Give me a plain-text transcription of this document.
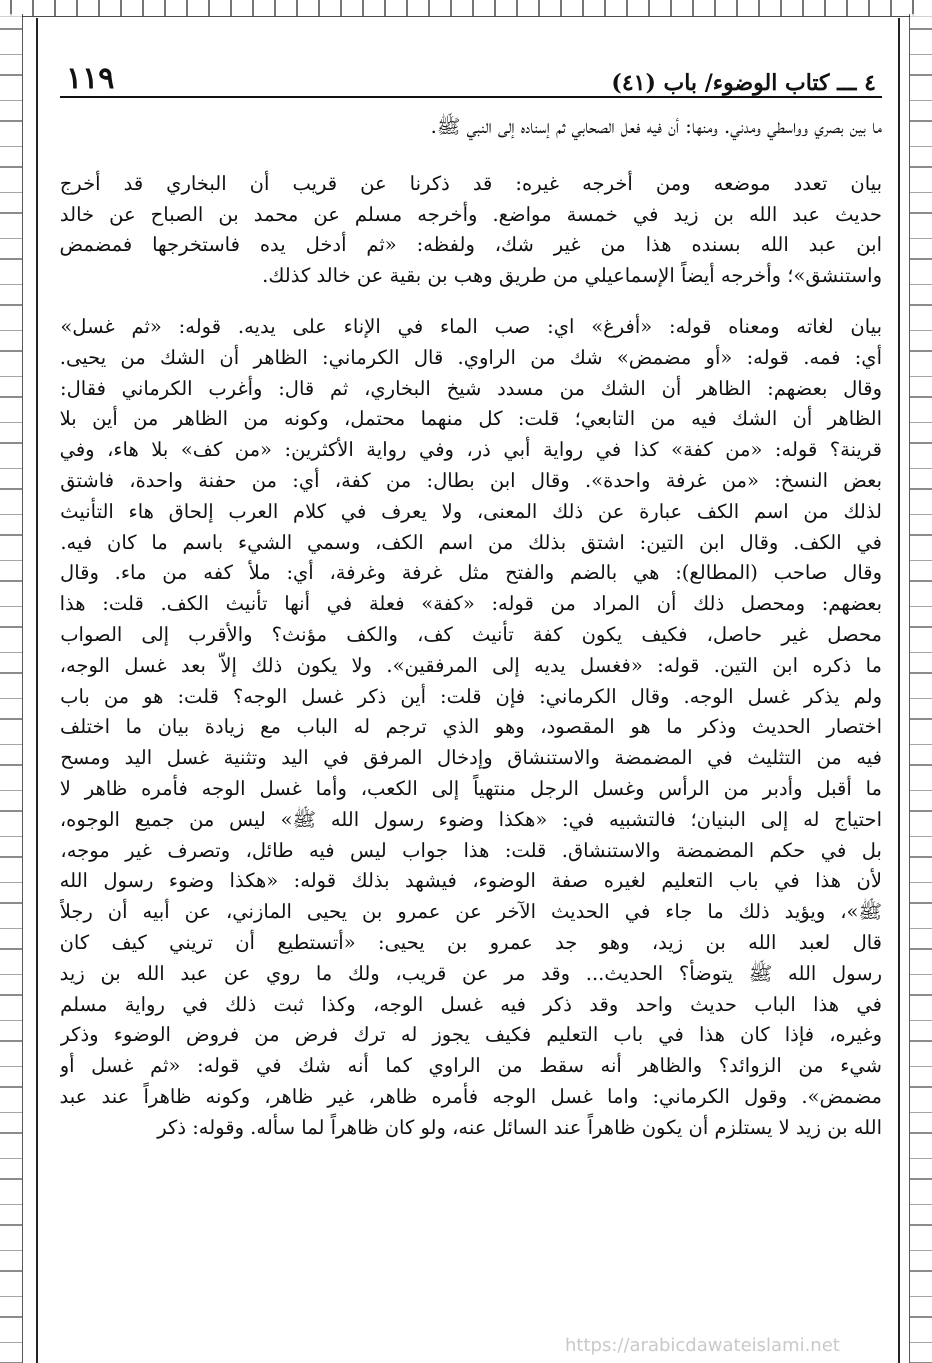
٤ ـــ كتاب الوضوء/ باب (٤١)
١١٩
ما بين بصري وواسطي ومدني. ومنها: أن فيه فعل الصحابي ثم إسناده إلى النبي ﷺ.
بيان تعدد موضعه ومن أخرجه غيره: قد ذكرنا عن قريب أن البخاري قد أخرج
حديث عبد الله بن زيد في خمسة مواضع. وأخرجه مسلم عن محمد بن الصباح عن خالد
ابن عبد الله بسنده هذا من غير شك، ولفظه: «ثم أدخل يده فاستخرجها فمضمض
واستنشق»؛ وأخرجه أيضاً الإسماعيلي من طريق وهب بن بقية عن خالد كذلك.
بيان لغاته ومعناه قوله: «أفرغ» اي: صب الماء في الإناء على يديه. قوله: «ثم غسل»
أي: فمه. قوله: «أو مضمض» شك من الراوي. قال الكرماني: الظاهر أن الشك من يحيى.
وقال بعضهم: الظاهر أن الشك من مسدد شيخ البخاري، ثم قال: وأغرب الكرماني فقال:
الظاهر أن الشك فيه من التابعي؛ قلت: كل منهما محتمل، وكونه من الظاهر من أين بلا
قرينة؟ قوله: «من كفة» كذا في رواية أبي ذر، وفي رواية الأكثرين: «من كف» بلا هاء، وفي
بعض النسخ: «من غرفة واحدة». وقال ابن بطال: من كفة، أي: من حفنة واحدة، فاشتق
لذلك من اسم الكف عبارة عن ذلك المعنى، ولا يعرف في كلام العرب إلحاق هاء التأنيث
في الكف. وقال ابن التين: اشتق بذلك من اسم الكف، وسمي الشيء باسم ما كان فيه.
وقال صاحب (المطالع): هي بالضم والفتح مثل غرفة وغرفة، أي: ملأ كفه من ماء. وقال
بعضهم: ومحصل ذلك أن المراد من قوله: «كفة» فعلة في أنها تأنيث الكف. قلت: هذا
محصل غير حاصل، فكيف يكون كفة تأنيث كف، والكف مؤنث؟ والأقرب إلى الصواب
ما ذكره ابن التين. قوله: «فغسل يديه إلى المرفقين». ولا يكون ذلك إلاّ بعد غسل الوجه،
ولم يذكر غسل الوجه. وقال الكرماني: فإن قلت: أين ذكر غسل الوجه؟ قلت: هو من باب
اختصار الحديث وذكر ما هو المقصود، وهو الذي ترجم له الباب مع زيادة بيان ما اختلف
فيه من التثليث في المضمضة والاستنشاق وإدخال المرفق في اليد وتثنية غسل اليد ومسح
ما أقبل وأدبر من الرأس وغسل الرجل منتهياً إلى الكعب، وأما غسل الوجه فأمره ظاهر لا
احتياج له إلى البنيان؛ فالتشبيه في: «هكذا وضوء رسول الله ﷺ» ليس من جميع الوجوه،
بل في حكم المضمضة والاستنشاق. قلت: هذا جواب ليس فيه طائل، وتصرف غير موجه،
لأن هذا في باب التعليم لغيره صفة الوضوء، فيشهد بذلك قوله: «هكذا وضوء رسول الله
ﷺ»، ويؤيد ذلك ما جاء في الحديث الآخر عن عمرو بن يحيى المازني، عن أبيه أن رجلاً
قال لعبد الله بن زيد، وهو جد عمرو بن يحيى: «أتستطيع أن تريني كيف كان
رسول الله ﷺ يتوضأ؟ الحديث... وقد مر عن قريب، ولك ما روي عن عبد الله بن زيد
في هذا الباب حديث واحد وقد ذكر فيه غسل الوجه، وكذا ثبت ذلك في رواية مسلم
وغيره، فإذا كان هذا في باب التعليم فكيف يجوز له ترك فرض من فروض الوضوء وذكر
شيء من الزوائد؟ والظاهر أنه سقط من الراوي كما أنه شك في قوله: «ثم غسل أو
مضمض». وقول الكرماني: واما غسل الوجه فأمره ظاهر، غير ظاهر، وكونه ظاهراً عند عبد
الله بن زيد لا يستلزم أن يكون ظاهراً عند السائل عنه، ولو كان ظاهراً لما سأله. وقوله: ذكر
https://arabicdawateislami.net
